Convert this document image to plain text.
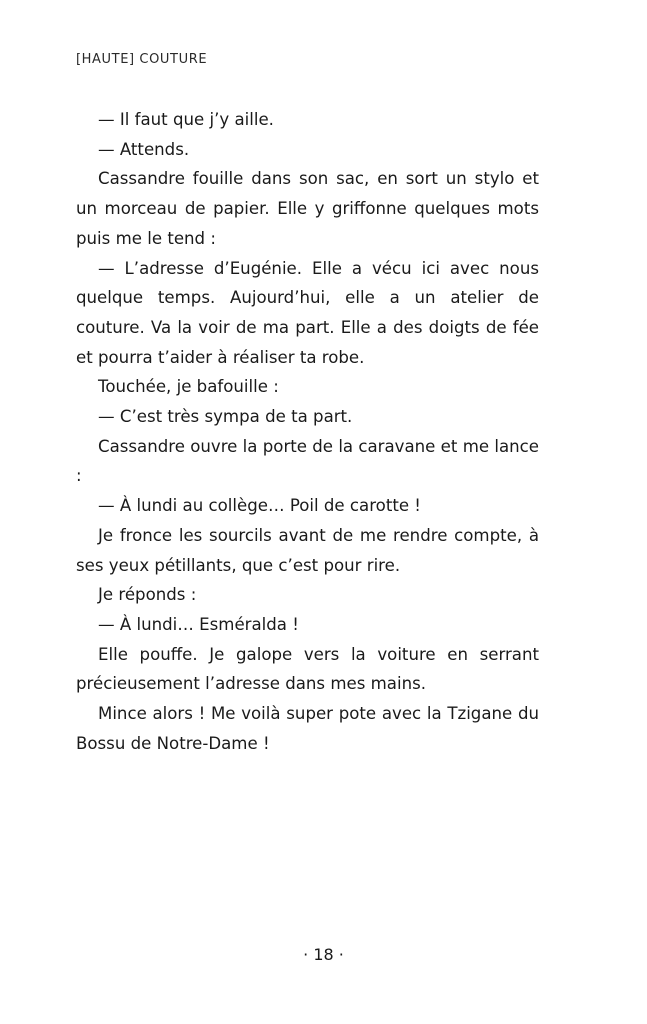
[HAUTE] COUTURE

— Il faut que j’y aille.

— Attends.

Cassandre fouille dans son sac, en sort un stylo et un morceau de papier. Elle y griffonne quelques mots puis me le tend :

— L’adresse d’Eugénie. Elle a vécu ici avec nous quelque temps. Aujourd’hui, elle a un atelier de couture. Va la voir de ma part. Elle a des doigts de fée et pourra t’aider à réaliser ta robe.

Touchée, je bafouille :

— C’est très sympa de ta part.

Cassandre ouvre la porte de la caravane et me lance :

— À lundi au collège… Poil de carotte !

Je fronce les sourcils avant de me rendre compte, à ses yeux pétillants, que c’est pour rire.

Je réponds :

— À lundi… Esméralda !

Elle pouffe. Je galope vers la voiture en serrant précieusement l’adresse dans mes mains.

Mince alors ! Me voilà super pote avec la Tzigane du Bossu de Notre-Dame !

· 18 ·
